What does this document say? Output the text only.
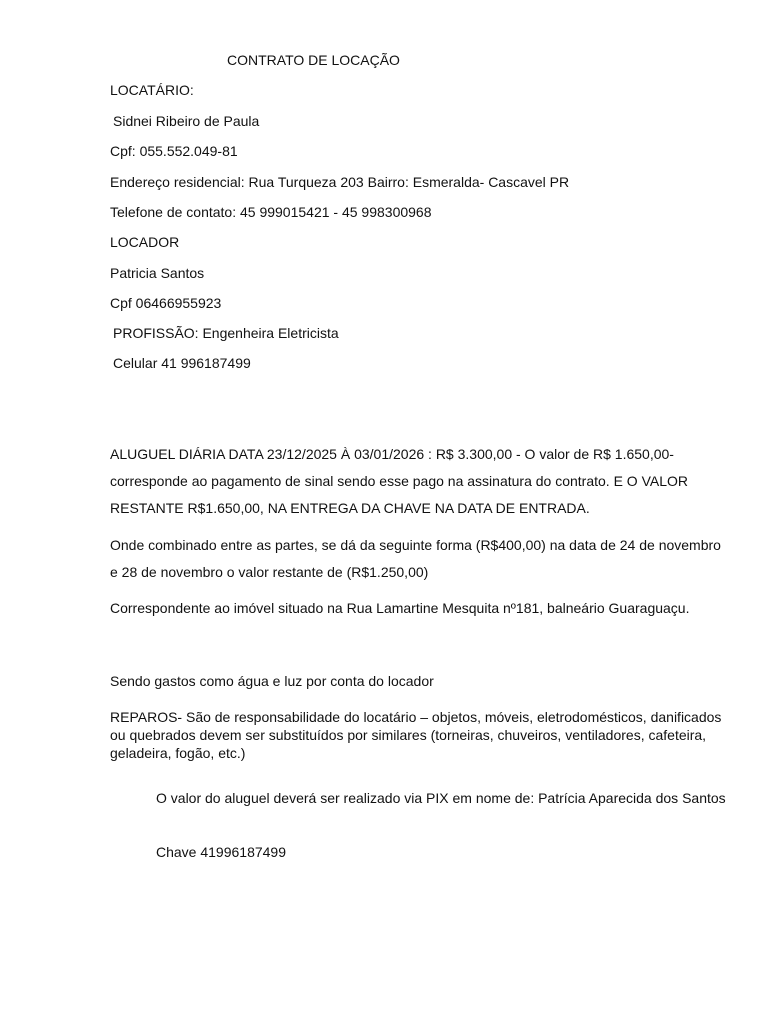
CONTRATO DE LOCAÇÃO
LOCATÁRIO:
Sidnei Ribeiro de Paula
Cpf: 055.552.049-81
Endereço residencial: Rua Turqueza 203 Bairro: Esmeralda- Cascavel PR
Telefone de contato: 45 999015421 - 45 998300968
LOCADOR
Patricia Santos
Cpf 06466955923
PROFISSÃO: Engenheira Eletricista
Celular 41 996187499
ALUGUEL DIÁRIA DATA 23/12/2025 À 03/01/2026 : R$ 3.300,00 - O valor de R$ 1.650,00- corresponde ao pagamento de sinal sendo esse pago na assinatura do contrato. E O VALOR RESTANTE R$1.650,00, NA ENTREGA DA CHAVE NA DATA DE ENTRADA.
Onde combinado entre as partes, se dá da seguinte forma (R$400,00) na data de 24 de novembro e 28 de novembro o valor restante de (R$1.250,00)
Correspondente ao imóvel situado na Rua Lamartine Mesquita nº181, balneário Guaraguaçu.
Sendo gastos como água e luz por conta do locador
REPAROS- São de responsabilidade do locatário – objetos, móveis, eletrodomésticos, danificados ou quebrados devem ser substituídos por similares (torneiras, chuveiros, ventiladores, cafeteira, geladeira, fogão, etc.)
O valor do aluguel deverá ser realizado via PIX em nome de: Patrícia Aparecida dos Santos
Chave 41996187499
